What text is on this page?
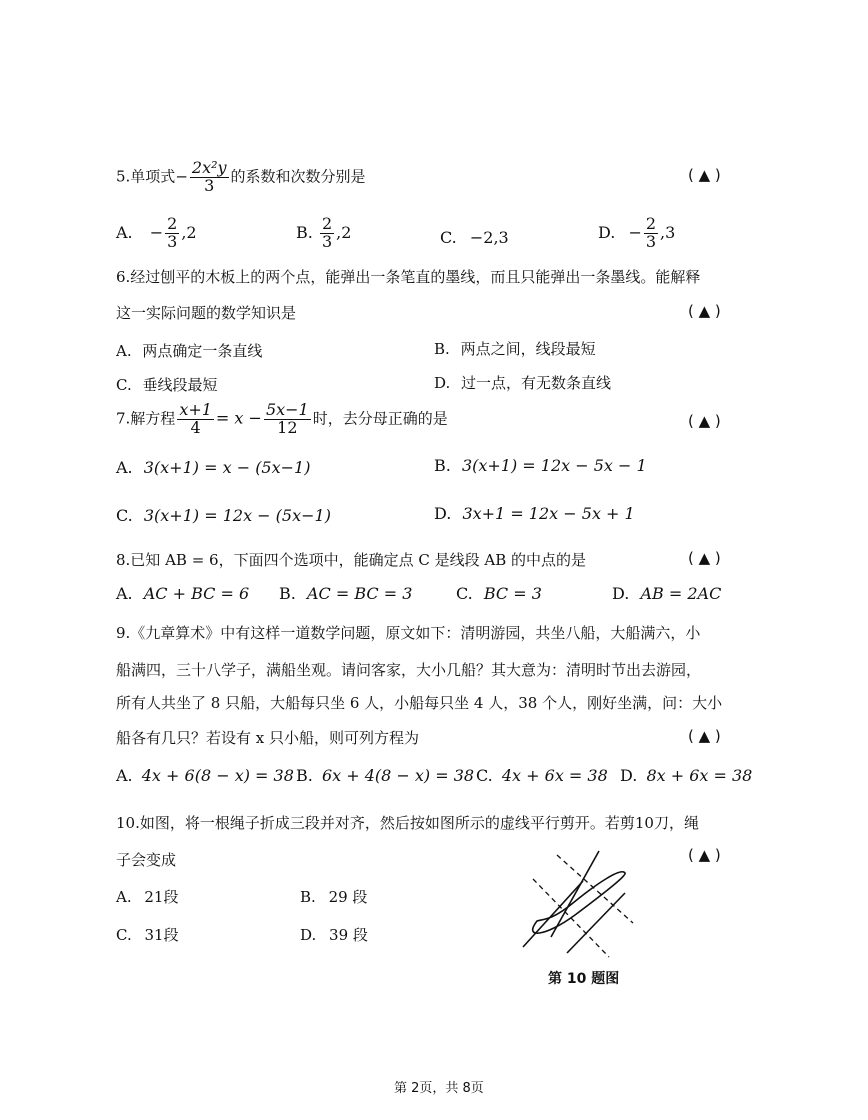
5.单项式− $\frac{\text{2x²y}}{3}$ 的系数和次数分别是	( ▲ )
A. − $\frac{2}{3} ,2$	B. $\frac{2}{3} ,2$	C. −2,3	D. − $\frac{2}{3} ,3$
6.经过刨平的木板上的两个点，能弹出一条笔直的墨线，而且只能弹出一条墨线。能解释
这一实际问题的数学知识是	( ▲ )
A. 两点确定一条直线	B. 两点之间，线段最短
C. 垂线段最短	D. 过一点，有无数条直线
7.解方程 $\frac{x+1}{4} = x - \frac{5x-1}{12}$ 时，去分母正确的是	( ▲ )
A. 3(x+1) = x − (5x−1)	B. 3(x+1) = 12x − 5x − 1
C. 3(x+1) = 12x − (5x−1)	D. 3x+1 = 12x − 5x + 1
8.已知 AB = 6，下面四个选项中，能确定点 C 是线段 AB 的中点的是	( ▲ )
A. AC + BC = 6 B. AC = BC = 3	C. BC = 3	D. AB = 2AC
9.《九章算术》中有这样一道数学问题，原文如下：清明游园，共坐八船，大船满六，小
船满四，三十八学子，满船坐观。请问客家，大小几船？其大意为：清明时节出去游园，
所有人共坐了 8 只船，大船每只坐 6 人，小船每只坐 4 人，38 个人，刚好坐满，问：大小
船各有几只？若设有 x 只小船，则可列方程为	( ▲ )
A. 4x + 6(8 − x) = 38 B. 6x + 4(8 − x) = 38 C. 4x + 6x = 38 D. 8x + 6x = 38
10.如图，将一根绳子折成三段并对齐，然后按如图所示的虚线平行剪开。若剪10刀，绳
子会变成	( ▲ )
A. 21段	B. 29 段
C. 31段	D. 39 段
第 10 题图
第 2页，共 8页
